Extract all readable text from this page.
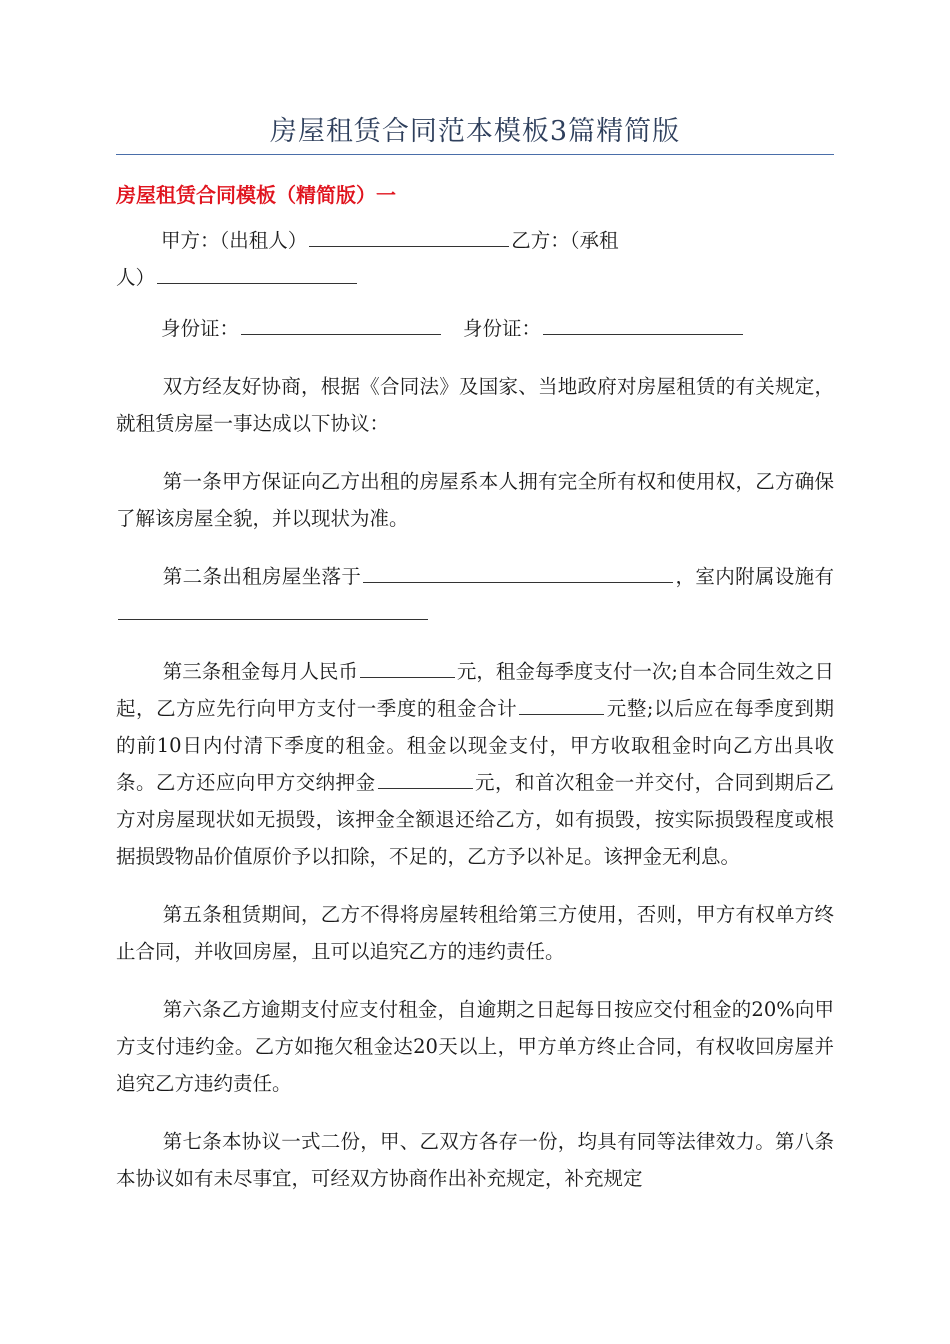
房屋租赁合同范本模板3篇精简版
房屋租赁合同模板（精简版）一

甲方：（出租人）	乙方：（承租
人）

身份证：	身份证：

双方经友好协商，根据《合同法》及国家、当地政府对房屋租赁的有关规定，就租赁房屋一事达成以下协议：

第一条甲方保证向乙方出租的房屋系本人拥有完全所有权和使用权，乙方确保了解该房屋全貌，并以现状为准。

第二条出租房屋坐落于	，室内附属设施有

第三条租金每月人民币	元，租金每季度支付一次;自本合同生效之日起，乙方应先行向甲方支付一季度的租金合计	元整;以后应在每季度到期的前10日内付清下季度的租金。租金以现金支付，甲方收取租金时向乙方出具收条。乙方还应向甲方交纳押金	元，和首次租金一并交付，合同到期后乙方对房屋现状如无损毁，该押金全额退还给乙方，如有损毁，按实际损毁程度或根据损毁物品价值原价予以扣除，不足的，乙方予以补足。该押金无利息。

第五条租赁期间，乙方不得将房屋转租给第三方使用，否则，甲方有权单方终止合同，并收回房屋，且可以追究乙方的违约责任。

第六条乙方逾期支付应支付租金，自逾期之日起每日按应交付租金的20%向甲方支付违约金。乙方如拖欠租金达20天以上，甲方单方终止合同，有权收回房屋并追究乙方违约责任。

第七条本协议一式二份，甲、乙双方各存一份，均具有同等法律效力。第八条本协议如有未尽事宜，可经双方协商作出补充规定，补充规定
